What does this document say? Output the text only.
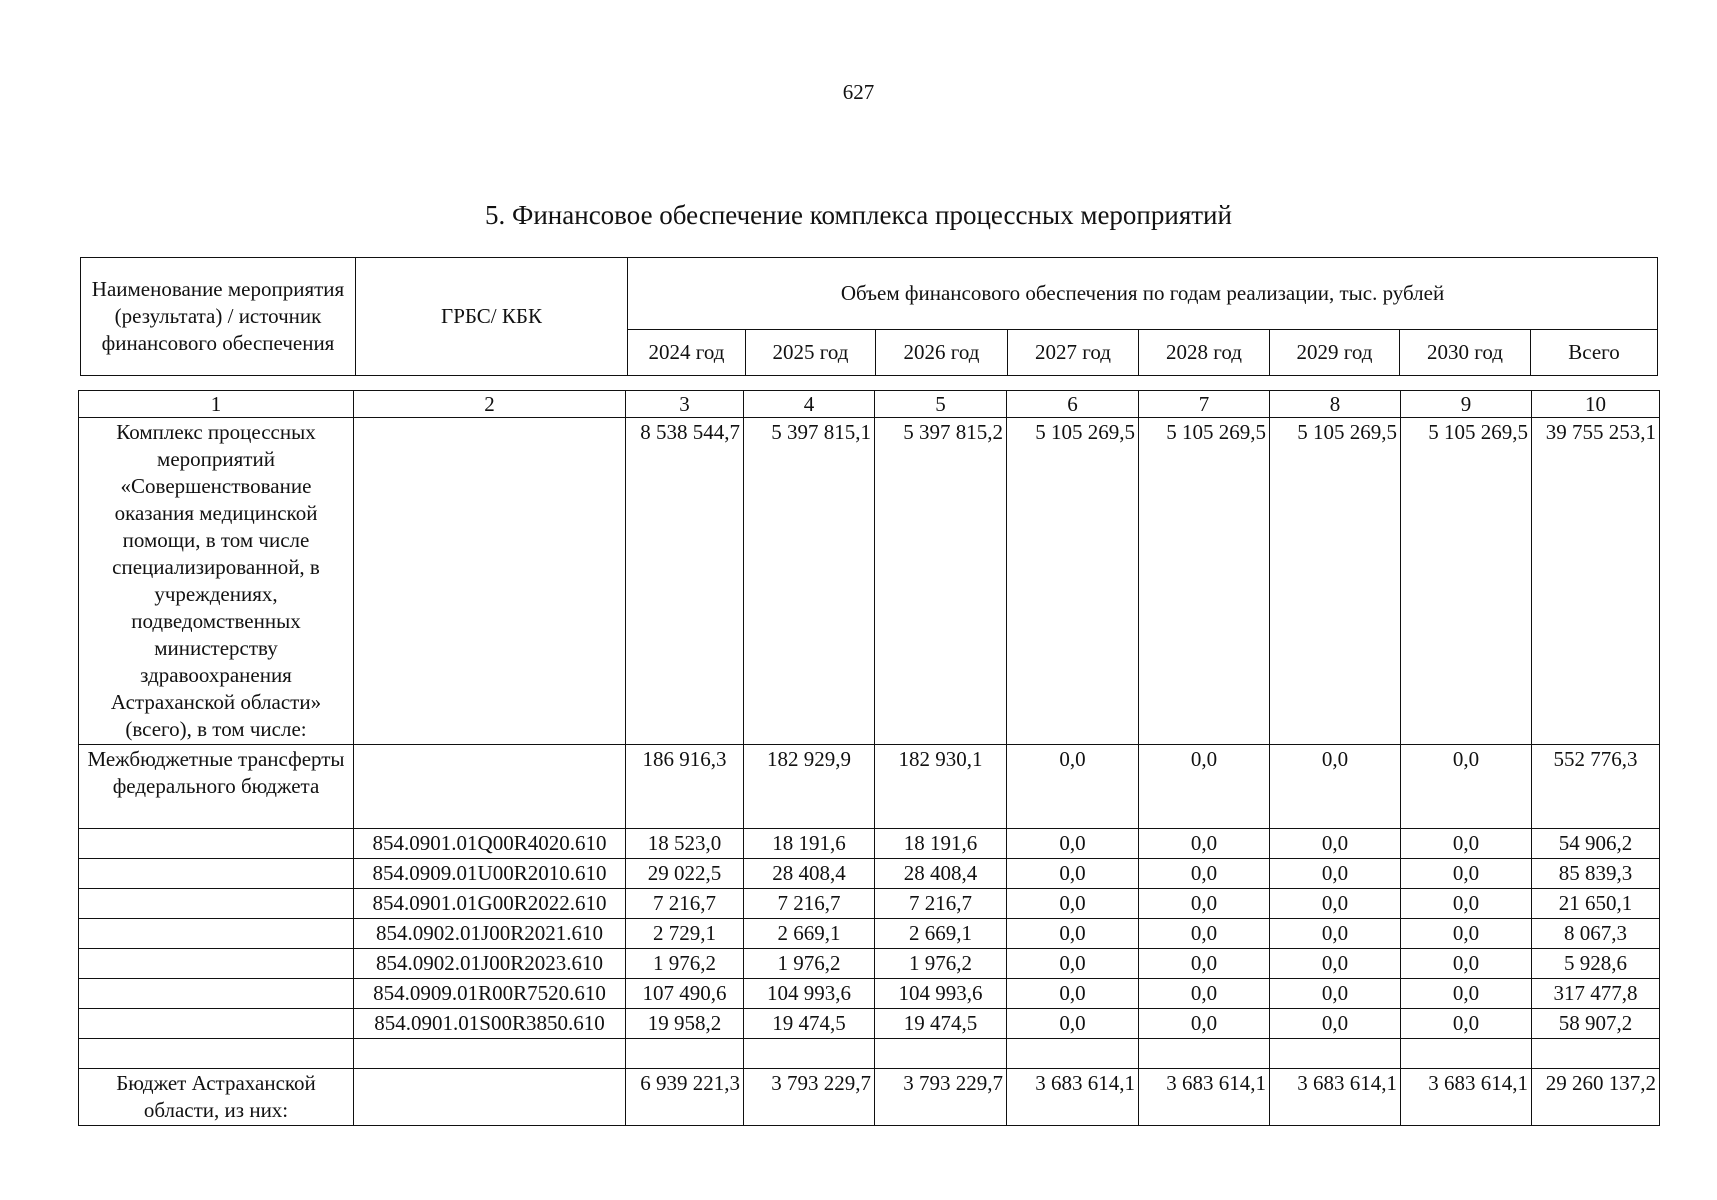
627
5. Финансовое обеспечение комплекса процессных мероприятий
Наименование мероприятия (результата) / источник финансового обеспечения	ГРБС/ КБК	Объем финансового обеспечения по годам реализации, тыс. рублей							
		2024 год	2025 год	2026 год	2027 год	2028 год	2029 год	2030 год	Всего
1	2	3	4	5	6	7	8	9	10
Комплекс процессных мероприятий «Совершенствование оказания медицинской помощи, в том числе специализированной, в учреждениях, подведомственных министерству здравоохранения Астраханской области» (всего), в том числе:		8 538 544,7	5 397 815,1	5 397 815,2	5 105 269,5	5 105 269,5	5 105 269,5	5 105 269,5	39 755 253,1
Межбюджетные трансферты федерального бюджета		186 916,3	182 929,9	182 930,1	0,0	0,0	0,0	0,0	552 776,3
	854.0901.01Q00R4020.610	18 523,0	18 191,6	18 191,6	0,0	0,0	0,0	0,0	54 906,2
	854.0909.01U00R2010.610	29 022,5	28 408,4	28 408,4	0,0	0,0	0,0	0,0	85 839,3
	854.0901.01G00R2022.610	7 216,7	7 216,7	7 216,7	0,0	0,0	0,0	0,0	21 650,1
	854.0902.01J00R2021.610	2 729,1	2 669,1	2 669,1	0,0	0,0	0,0	0,0	8 067,3
	854.0902.01J00R2023.610	1 976,2	1 976,2	1 976,2	0,0	0,0	0,0	0,0	5 928,6
	854.0909.01R00R7520.610	107 490,6	104 993,6	104 993,6	0,0	0,0	0,0	0,0	317 477,8
	854.0901.01S00R3850.610	19 958,2	19 474,5	19 474,5	0,0	0,0	0,0	0,0	58 907,2

Бюджет Астраханской области, из них:		6 939 221,3	3 793 229,7	3 793 229,7	3 683 614,1	3 683 614,1	3 683 614,1	3 683 614,1	29 260 137,2
